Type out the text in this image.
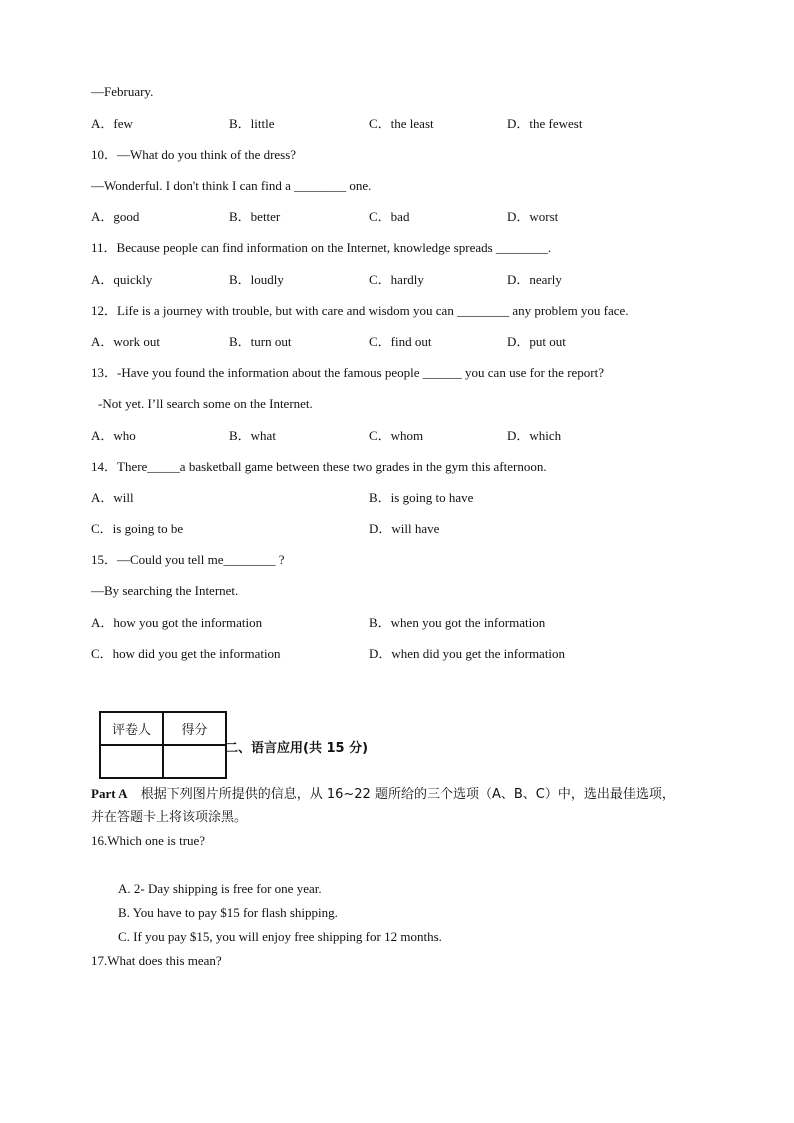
—February.
A．few	B．little	C．the least	D．the fewest
10．—What do you think of the dress?
—Wonderful. I don't think I can find a ________ one.
A．good	B．better	C．bad	D．worst
11．Because people can find information on the Internet, knowledge spreads ________.
A．quickly	B．loudly	C．hardly	D．nearly
12．Life is a journey with trouble, but with care and wisdom you can ________ any problem you face.
A．work out	B．turn out	C．find out	D．put out
13．-Have you found the information about the famous people ______ you can use for the report?
-Not yet. I’ll search some on the Internet.
A．who	B．what	C．whom	D．which
14．There_____a basketball game between these two grades in the gym this afternoon.
A．will	B．is going to have
C．is going to be	D．will have
15．—Could you tell me________ ?
—By searching the Internet.
A．how you got the information	B．when you got the information
C．how did you get the information	D．when did you get the information
评卷人	得分

二、语言应用(共 15 分)
Part A 根据下列图片所提供的信息，从 16~22 题所给的三个选项（A、B、C）中，选出最佳选项，
并在答题卡上将该项涂黑。
16.Which one is true?
A. 2- Day shipping is free for one year.
B. You have to pay $15 for flash shipping.
C. If you pay $15, you will enjoy free shipping for 12 months.
17.What does this mean?
